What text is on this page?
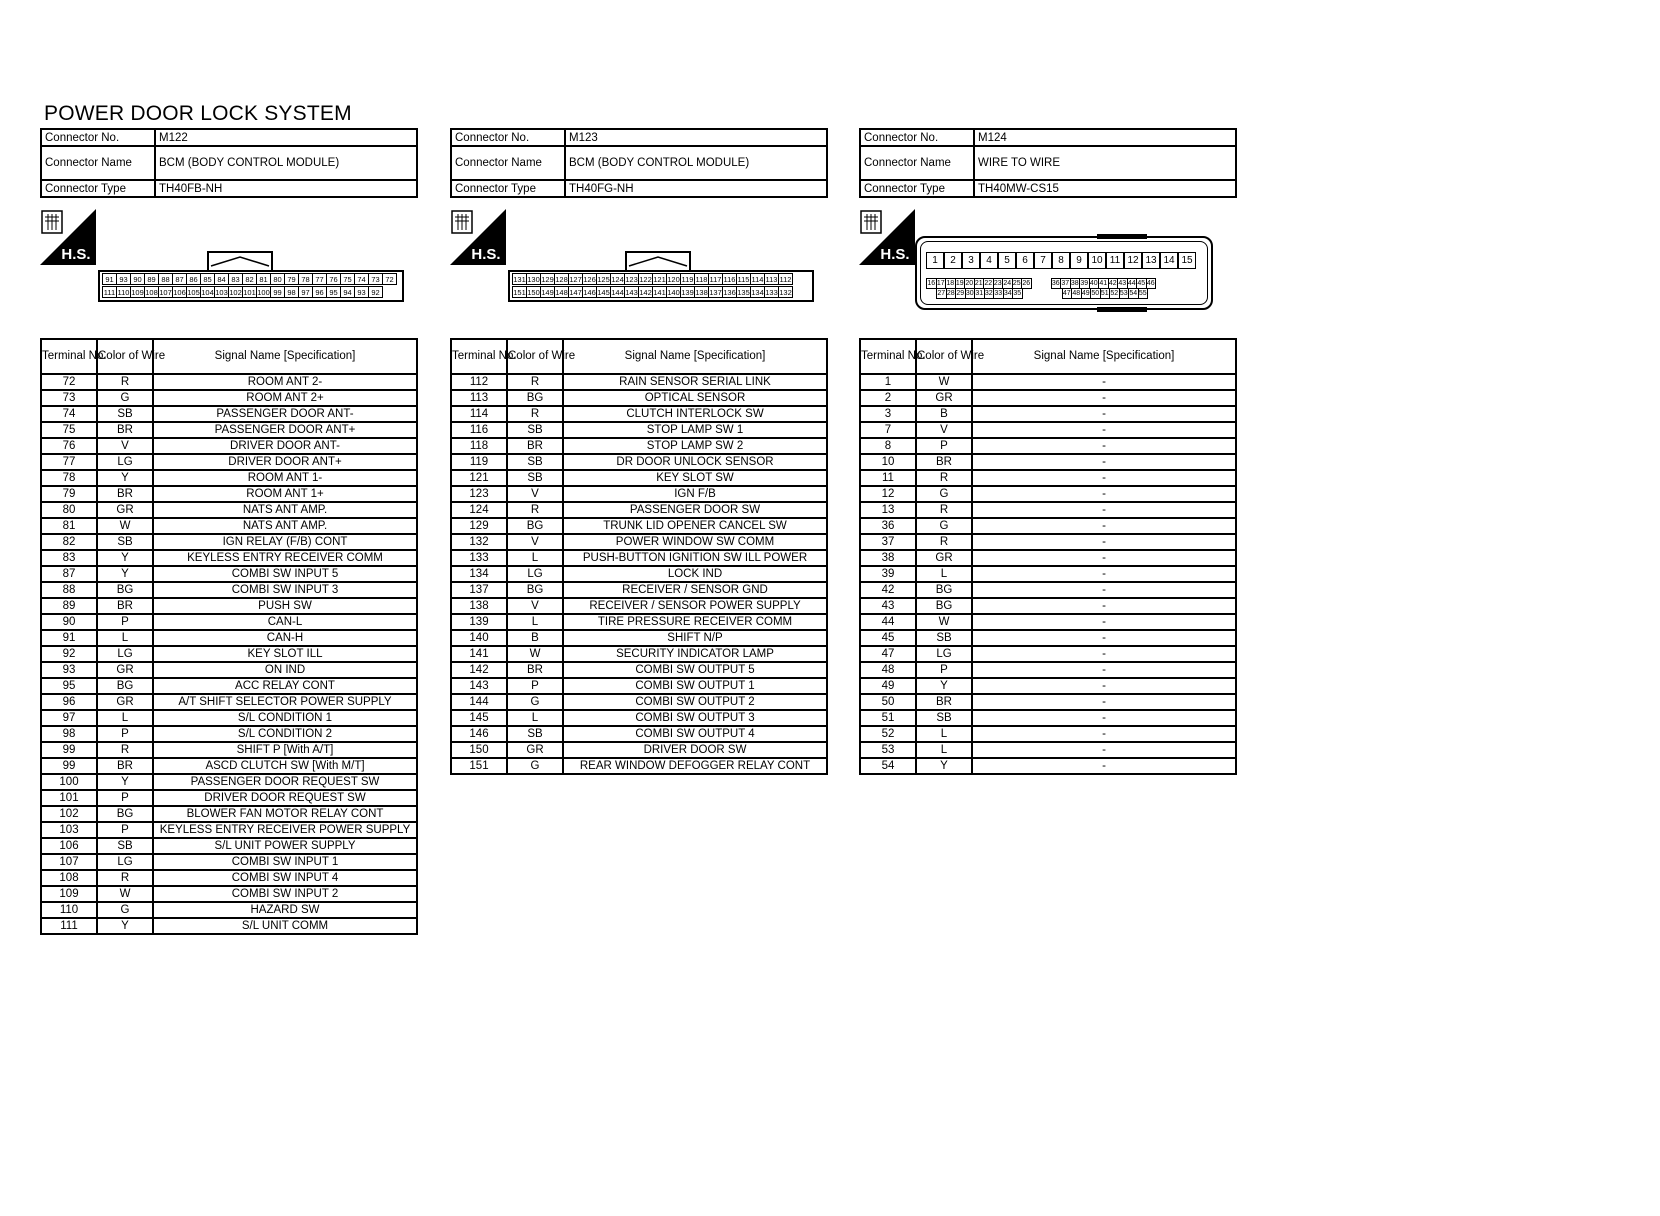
POWER DOOR LOCK SYSTEM
Connector No.	M122
Connector Name	BCM (BODY CONTROL MODULE)
Connector Type	TH40FB-NH
H.S.
91 93 90 89 88 87 86 85 84 83 82 81 80 79 78 77 76 75 74 73 72
111 110 109 108 107 106 105 104 103 102 101 100 99 98 97 96 95 94 93 92
Terminal No.	Color of Wire	Signal Name [Specification]
72	R	ROOM ANT 2-
73	G	ROOM ANT 2+
74	SB	PASSENGER DOOR ANT-
75	BR	PASSENGER DOOR ANT+
76	V	DRIVER DOOR ANT-
77	LG	DRIVER DOOR ANT+
78	Y	ROOM ANT 1-
79	BR	ROOM ANT 1+
80	GR	NATS ANT AMP.
81	W	NATS ANT AMP.
82	SB	IGN RELAY (F/B) CONT
83	Y	KEYLESS ENTRY RECEIVER COMM
87	Y	COMBI SW INPUT 5
88	BG	COMBI SW INPUT 3
89	BR	PUSH SW
90	P	CAN-L
91	L	CAN-H
92	LG	KEY SLOT ILL
93	GR	ON IND
95	BG	ACC RELAY CONT
96	GR	A/T SHIFT SELECTOR POWER SUPPLY
97	L	S/L CONDITION 1
98	P	S/L CONDITION 2
99	R	SHIFT P [With A/T]
99	BR	ASCD CLUTCH SW [With M/T]
100	Y	PASSENGER DOOR REQUEST SW
101	P	DRIVER DOOR REQUEST SW
102	BG	BLOWER FAN MOTOR RELAY CONT
103	P	KEYLESS ENTRY RECEIVER POWER SUPPLY
106	SB	S/L UNIT POWER SUPPLY
107	LG	COMBI SW INPUT 1
108	R	COMBI SW INPUT 4
109	W	COMBI SW INPUT 2
110	G	HAZARD SW
111	Y	S/L UNIT COMM
Connector No.	M123
Connector Name	BCM (BODY CONTROL MODULE)
Connector Type	TH40FG-NH
H.S.
131 130 129 128 127 126 125 124 123 122 121 120 119 118 117 116 115 114 113 112
151 150 149 148 147 146 145 144 143 142 141 140 139 138 137 136 135 134 133 132
Terminal No.	Color of Wire	Signal Name [Specification]
112	R	RAIN SENSOR SERIAL LINK
113	BG	OPTICAL SENSOR
114	R	CLUTCH INTERLOCK SW
116	SB	STOP LAMP SW 1
118	BR	STOP LAMP SW 2
119	SB	DR DOOR UNLOCK SENSOR
121	SB	KEY SLOT SW
123	V	IGN F/B
124	R	PASSENGER DOOR SW
129	BG	TRUNK LID OPENER CANCEL SW
132	V	POWER WINDOW SW COMM
133	L	PUSH-BUTTON IGNITION SW ILL POWER
134	LG	LOCK IND
137	BG	RECEIVER / SENSOR GND
138	V	RECEIVER / SENSOR POWER SUPPLY
139	L	TIRE PRESSURE RECEIVER COMM
140	B	SHIFT N/P
141	W	SECURITY INDICATOR LAMP
142	BR	COMBI SW OUTPUT 5
143	P	COMBI SW OUTPUT 1
144	G	COMBI SW OUTPUT 2
145	L	COMBI SW OUTPUT 3
146	SB	COMBI SW OUTPUT 4
150	GR	DRIVER DOOR SW
151	G	REAR WINDOW DEFOGGER RELAY CONT
Connector No.	M124
Connector Name	WIRE TO WIRE
Connector Type	TH40MW-CS15
H.S.	1	2	3	4	5	6	7	8	9 10 11 12 13 14 15
16 17 18 19 20 21 22 23 24 25 26	36 37 38 39 40 41 42 43 44 45 46
27 28 29 30 31 32 33 34 35	47 48 49 50 51 52 53 54 55
Terminal No.	Color of Wire	Signal Name [Specification]
1	W	-
2	GR	-
3	B	-
7	V	-
8	P	-
10	BR	-
11	R	-
12	G	-
13	R	-
36	G	-
37	R	-
38	GR	-
39	L	-
42	BG	-
43	BG	-
44	W	-
45	SB	-
47	LG	-
48	P	-
49	Y	-
50	BR	-
51	SB	-
52	L	-
53	L	-
54	Y	-
